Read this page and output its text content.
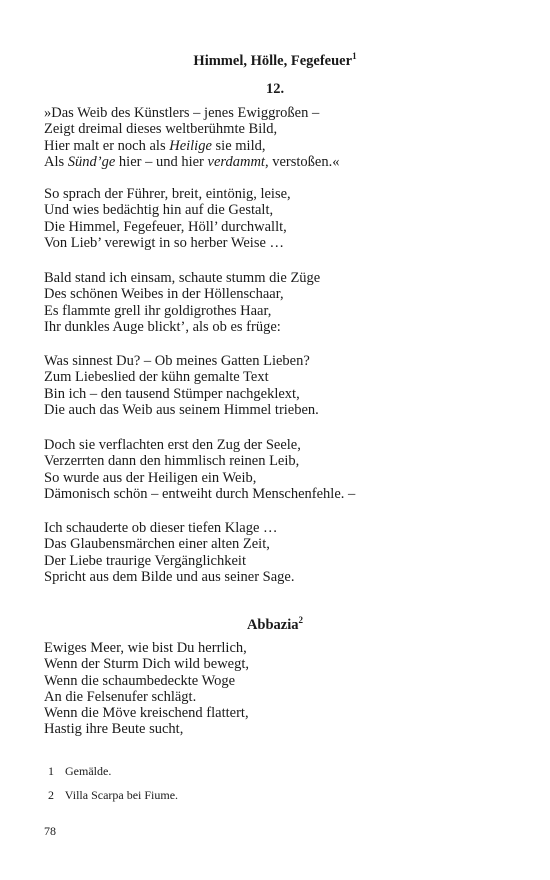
Himmel, Hölle, Fegefeuer$^1$
12.
»Das Weib des Künstlers – jenes Ewiggroßen –
Zeigt dreimal dieses weltberühmte Bild,
Hier malt er noch als Heilige sie mild,
Als Sünd’ge hier – und hier verdammt, verstoßen.«
So sprach der Führer, breit, eintönig, leise,
Und wies bedächtig hin auf die Gestalt,
Die Himmel, Fegefeuer, Höll’ durchwallt,
Von Lieb’ verewigt in so herber Weise …
Bald stand ich einsam, schaute stumm die Züge
Des schönen Weibes in der Höllenschaar,
Es flammte grell ihr goldigrothes Haar,
Ihr dunkles Auge blickt’, als ob es früge:
Was sinnest Du? – Ob meines Gatten Lieben?
Zum Liebeslied der kühn gemalte Text
Bin ich – den tausend Stümper nachgeklext,
Die auch das Weib aus seinem Himmel trieben.
Doch sie verflachten erst den Zug der Seele,
Verzerrten dann den himmlisch reinen Leib,
So wurde aus der Heiligen ein Weib,
Dämonisch schön – entweiht durch Menschenfehle. –
Ich schauderte ob dieser tiefen Klage …
Das Glaubensmärchen einer alten Zeit,
Der Liebe traurige Vergänglichkeit
Spricht aus dem Bilde und aus seiner Sage.
Abbazia$^2$
Ewiges Meer, wie bist Du herrlich,
Wenn der Sturm Dich wild bewegt,
Wenn die schaumbedeckte Woge
An die Felsenufer schlägt.
Wenn die Möve kreischend flattert,
Hastig ihre Beute sucht,
1 Gemälde.
2 Villa Scarpa bei Fiume.
78
